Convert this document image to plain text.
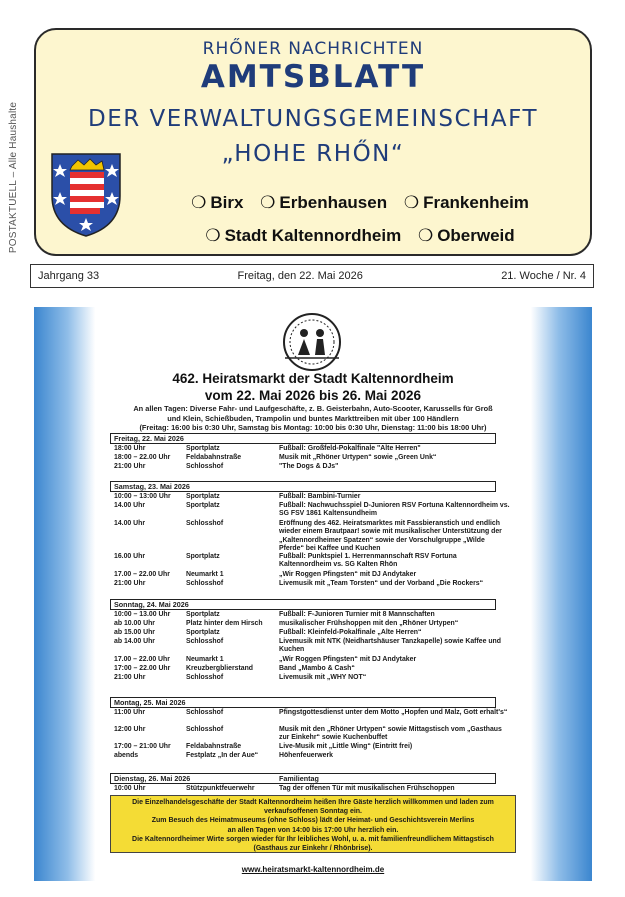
POSTAKTUELL – Alle Haushalte
RHŐNER NACHRICHTEN
AMTSBLATT
DER VERWALTUNGSGEMEINSCHAFT
„HOHE RHŐN“
❍ Birx ❍ Erbenhausen ❍ Frankenheim
❍ Stadt Kaltennordheim ❍ Oberweid
Jahrgang 33	Freitag, den 22. Mai 2026	21. Woche / Nr. 4
462. Heiratsmarkt der Stadt Kaltennordheim
vom 22. Mai 2026 bis 26. Mai 2026
An allen Tagen: Diverse Fahr- und Laufgeschäfte, z. B. Geisterbahn, Auto-Scooter, Karussells für Groß
und Klein, Schießbuden, Trampolin und buntes Markttreiben mit über 100 Händlern
(Freitag: 16:00 bis 0:30 Uhr, Samstag bis Montag: 10:00 bis 0:30 Uhr, Dienstag: 11:00 bis 18:00 Uhr)
Freitag, 22. Mai 2026
18:00 Uhr	Sportplatz	Fußball: Großfeld-Pokalfinale "Alte Herren"
18:00 – 22.00 Uhr	Feldabahnstraße	Musik mit „Rhöner Urtypen“ sowie „Green Unk“
21:00 Uhr	Schlosshof	"The Dogs & DJs"
Samstag, 23. Mai 2026
10:00 – 13:00 Uhr	Sportplatz	Fußball: Bambini-Turnier
14.00 Uhr	Sportplatz	Fußball: Nachwuchsspiel D-Junioren RSV Fortuna Kaltennordheim vs. SG FSV 1861 Kaltensundheim
14.00 Uhr	Schlosshof	Eröffnung des 462. Heiratsmarktes mit Fassbieranstich und endlich wieder einem Brautpaar! sowie mit musikalischer Unterstützung der „Kaltennordheimer Spatzen“ sowie der Vorschulgruppe „Wilde Pferde“ bei Kaffee und Kuchen
16.00 Uhr	Sportplatz	Fußball: Punktspiel 1. Herrenmannschaft RSV Fortuna Kaltennordheim vs. SG Kalten Rhön
17.00 – 22.00 Uhr	Neumarkt 1	„Wir Roggen Pfingsten“ mit DJ Andytaker
21:00 Uhr	Schlosshof	Livemusik mit „Team Torsten“ und der Vorband „Die Rockers“
Sonntag, 24. Mai 2026
10:00 – 13.00 Uhr	Sportplatz	Fußball: F-Junioren Turnier mit 8 Mannschaften
ab 10.00 Uhr	Platz hinter dem Hirsch	musikalischer Frühshoppen mit den „Rhöner Urtypen“
ab 15.00 Uhr	Sportplatz	Fußball: Kleinfeld-Pokalfinale „Alte Herren“
ab 14.00 Uhr	Schlosshof	Livemusik mit NTK (Neidhartshäuser Tanzkapelle) sowie Kaffee und Kuchen
17.00 – 22.00 Uhr	Neumarkt 1	„Wir Roggen Pfingsten“ mit DJ Andytaker
17:00 – 22.00 Uhr	Kreuzbergblierstand	Band „Mambo & Cash“
21:00 Uhr	Schlosshof	Livemusik mit „WHY NOT“
Montag, 25. Mai 2026
11:00 Uhr	Schlosshof	Pfingstgottesdienst unter dem Motto „Hopfen und Malz, Gott erhalt's“
12:00 Uhr	Schlosshof	Musik mit den „Rhöner Urtypen“ sowie Mittagstisch vom „Gasthaus zur Einkehr“ sowie Kuchenbuffet
17:00 – 21:00 Uhr	Feldabahnstraße	Live-Musik mit „Little Wing“ (Eintritt frei)
abends	Festplatz „In der Aue“	Höhenfeuerwerk
Dienstag, 26. Mai 2026	Familientag
10:00 Uhr	Stützpunktfeuerwehr	Tag der offenen Tür mit musikalischen Frühschoppen
Die Einzelhandelsgeschäfte der Stadt Kaltennordheim heißen Ihre Gäste herzlich willkommen und laden zum
verkaufsoffenen Sonntag ein.
Zum Besuch des Heimatmuseums (ohne Schloss) lädt der Heimat- und Geschichtsverein Merlins
an allen Tagen von 14:00 bis 17:00 Uhr herzlich ein.
Die Kaltennordheimer Wirte sorgen wieder für Ihr leibliches Wohl, u. a. mit familienfreundlichem Mittagstisch
(Gasthaus zur Einkehr / Rhönbrise).
www.heiratsmarkt-kaltennordheim.de
